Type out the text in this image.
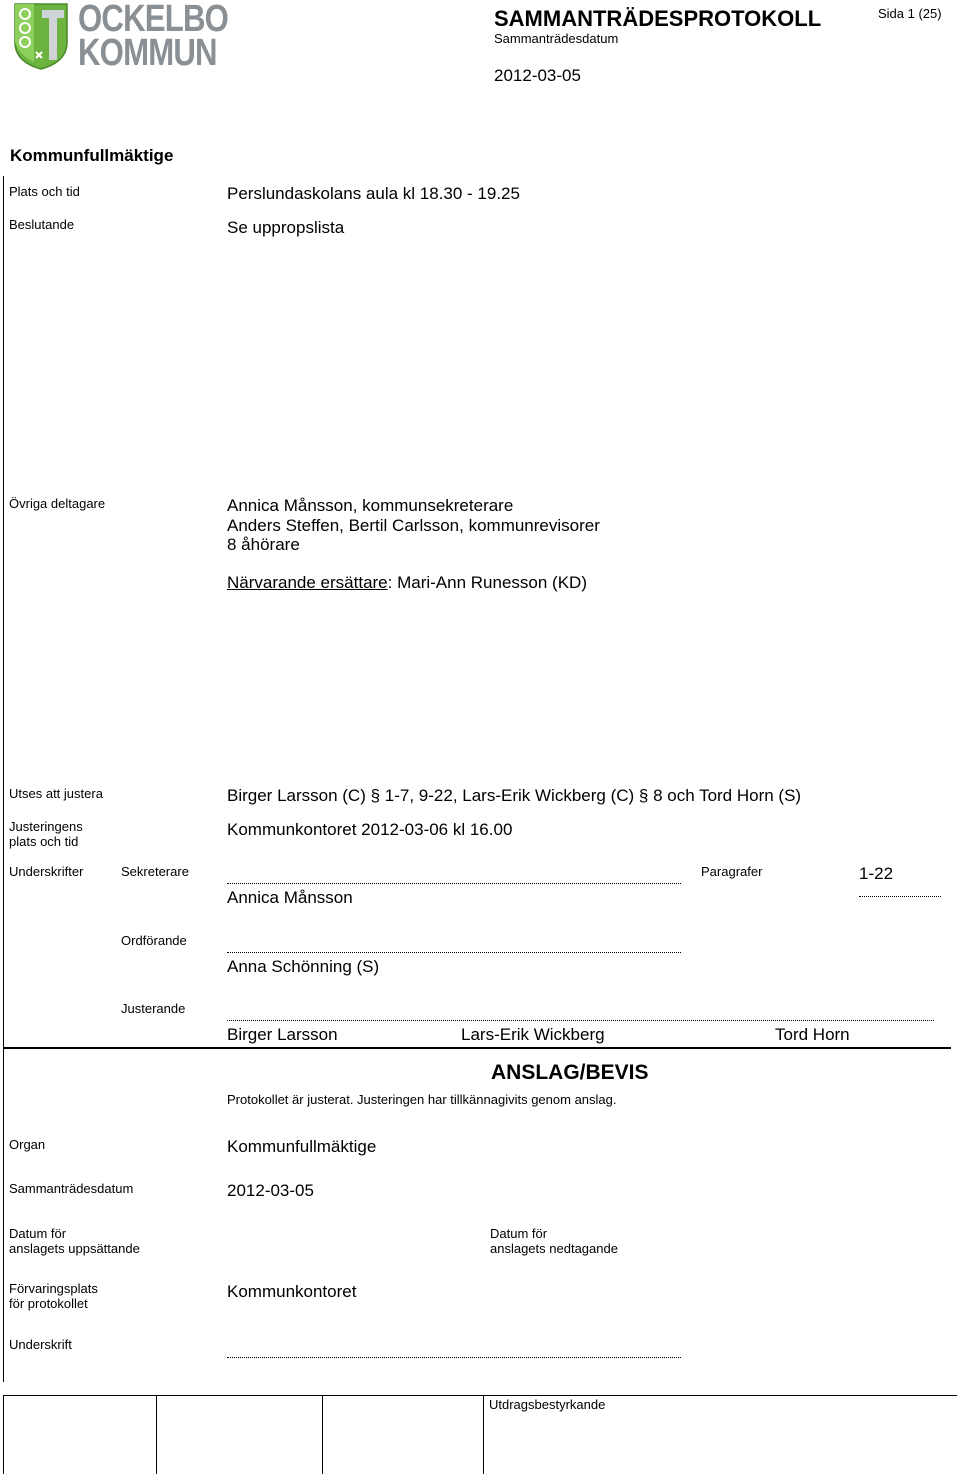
OCKELBO
KOMMUN
SAMMANTRÄDESPROTOKOLL
Sammanträdesdatum
2012-03-05
Sida 1 (25)
Kommunfullmäktige
Plats och tid	Perslundaskolans aula kl 18.30 - 19.25
Beslutande	Se uppropslista
Övriga deltagare	Annica Månsson, kommunsekreterare
Anders Steffen, Bertil Carlsson, kommunrevisorer
8 åhörare
Närvarande ersättare: Mari-Ann Runesson (KD)
Utses att justera	Birger Larsson (C) § 1-7, 9-22, Lars-Erik Wickberg (C) § 8 och Tord Horn (S)
Justeringens
plats och tid
Kommunkontoret 2012-03-06 kl 16.00
Underskrifter	Sekreterare
Annica Månsson
Paragrafer	1-22
Ordförande
Anna Schönning (S)
Justerande
Birger Larsson	Lars-Erik Wickberg	Tord Horn
ANSLAG/BEVIS
Protokollet är justerat. Justeringen har tillkännagivits genom anslag.
Organ	Kommunfullmäktige
Sammanträdesdatum	2012-03-05
Datum för
anslagets uppsättande
Datum för
anslagets nedtagande
Förvaringsplats
för protokollet
Kommunkontoret
Underskrift
Utdragsbestyrkande
